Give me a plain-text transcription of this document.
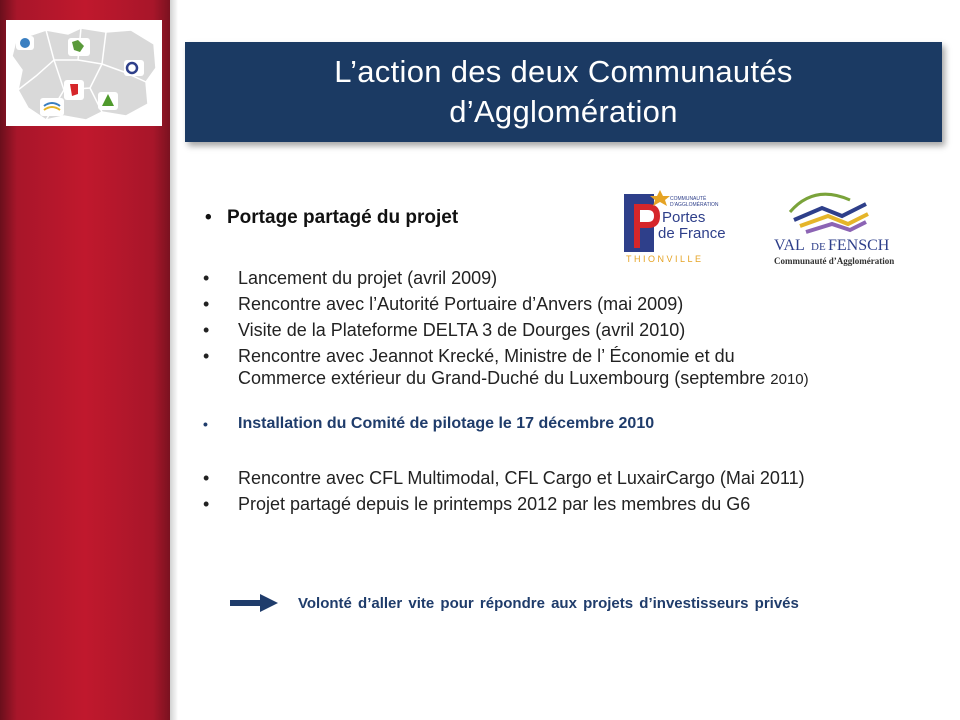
L’action des deux Communautés
d’Agglomération
• Portage partagé du projet
COMMUNAUTÉ
D’AGGLOMÉRATION
Portes
de France
THIONVILLE
VAL DE FENSCH
Communauté d’Agglomération
•	Lancement du projet (avril 2009)
•	Rencontre avec l’Autorité Portuaire d’Anvers (mai 2009)
•	Visite de la Plateforme DELTA 3 de Dourges (avril 2010)
•	Rencontre avec Jeannot Krecké, Ministre de l’ Économie et du
Commerce extérieur du Grand-Duché du Luxembourg (septembre 2010)
•	Installation du Comité de pilotage le 17 décembre 2010
•	Rencontre avec CFL Multimodal, CFL Cargo et LuxairCargo (Mai 2011)
•	Projet partagé depuis le printemps 2012 par les membres du G6
Volonté d’aller vite pour répondre aux projets d’investisseurs privés
